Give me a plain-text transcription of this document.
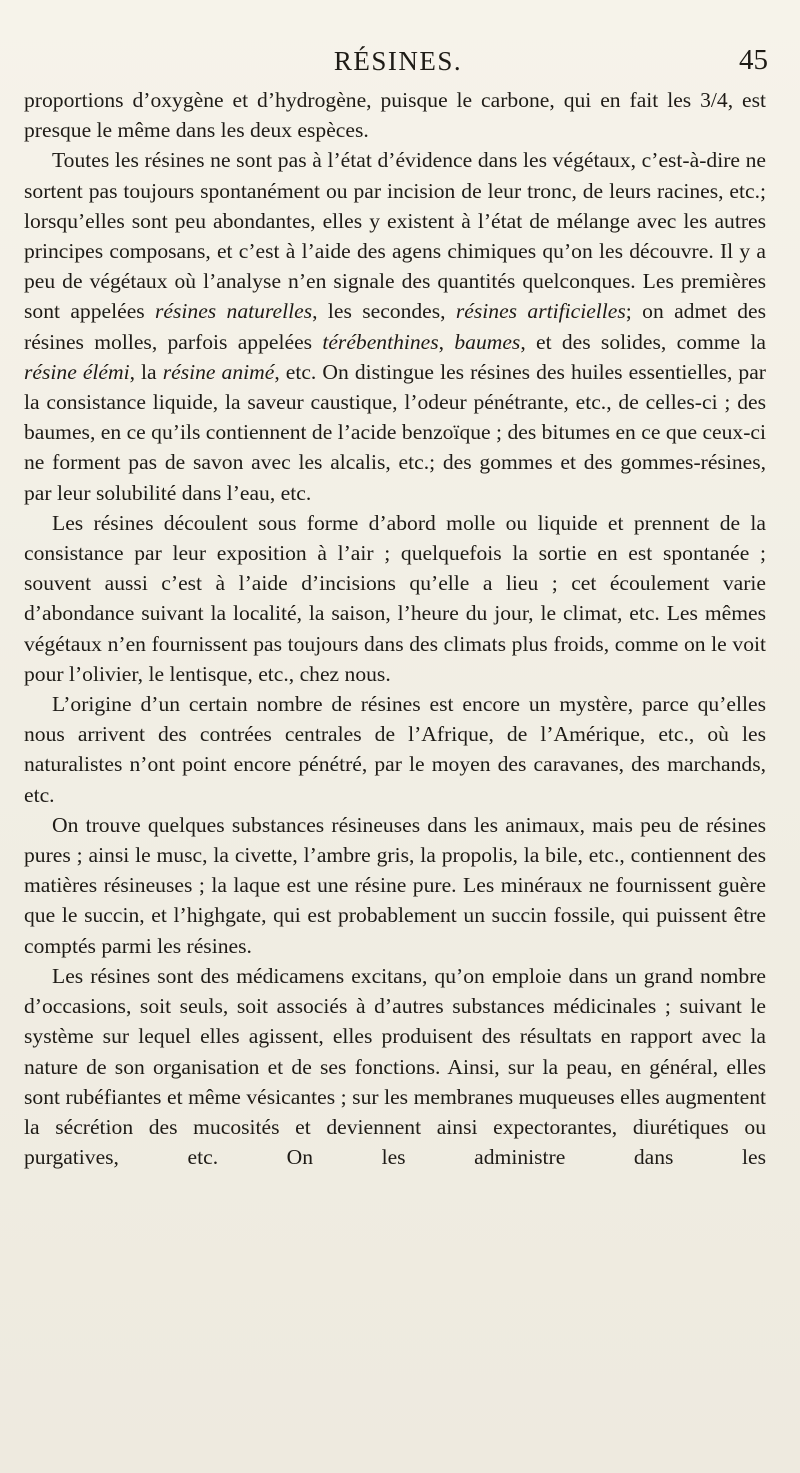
RÉSINES.	45

proportions d’oxygène et d’hydrogène, puisque le carbone, qui en fait les 3/4, est presque le même dans les deux espèces.

Toutes les résines ne sont pas à l’état d’évidence dans les végétaux, c’est-à-dire ne sortent pas toujours spontanément ou par incision de leur tronc, de leurs racines, etc.; lorsqu’elles sont peu abondantes, elles y existent à l’état de mélange avec les autres principes composans, et c’est à l’aide des agens chimiques qu’on les découvre. Il y a peu de végétaux où l’analyse n’en signale des quantités quelconques. Les premières sont appelées résines naturelles, les secondes, résines artificielles; on admet des résines molles, parfois appelées térébenthines, baumes, et des solides, comme la résine élémi, la résine animé, etc. On distingue les résines des huiles essentielles, par la consistance liquide, la saveur caustique, l’odeur pénétrante, etc., de celles-ci ; des baumes, en ce qu’ils contiennent de l’acide benzoïque ; des bitumes en ce que ceux-ci ne forment pas de savon avec les alcalis, etc.; des gommes et des gommes-résines, par leur solubilité dans l’eau, etc.

Les résines découlent sous forme d’abord molle ou liquide et prennent de la consistance par leur exposition à l’air ; quelquefois la sortie en est spontanée ; souvent aussi c’est à l’aide d’incisions qu’elle a lieu ; cet écoulement varie d’abondance suivant la localité, la saison, l’heure du jour, le climat, etc. Les mêmes végétaux n’en fournissent pas toujours dans des climats plus froids, comme on le voit pour l’olivier, le lentisque, etc., chez nous.

L’origine d’un certain nombre de résines est encore un mystère, parce qu’elles nous arrivent des contrées centrales de l’Afrique, de l’Amérique, etc., où les naturalistes n’ont point encore pénétré, par le moyen des caravanes, des marchands, etc.

On trouve quelques substances résineuses dans les animaux, mais peu de résines pures ; ainsi le musc, la civette, l’ambre gris, la propolis, la bile, etc., contiennent des matières résineuses ; la laque est une résine pure. Les minéraux ne fournissent guère que le succin, et l’highgate, qui est probablement un succin fossile, qui puissent être comptés parmi les résines.

Les résines sont des médicamens excitans, qu’on emploie dans un grand nombre d’occasions, soit seuls, soit associés à d’autres substances médicinales ; suivant le système sur lequel elles agissent, elles produisent des résultats en rapport avec la nature de son organisation et de ses fonctions. Ainsi, sur la peau, en général, elles sont rubéfiantes et même vésicantes ; sur les membranes muqueuses elles augmentent la sécrétion des mucosités et deviennent ainsi expectorantes, diurétiques ou purgatives, etc. On les administre dans les
